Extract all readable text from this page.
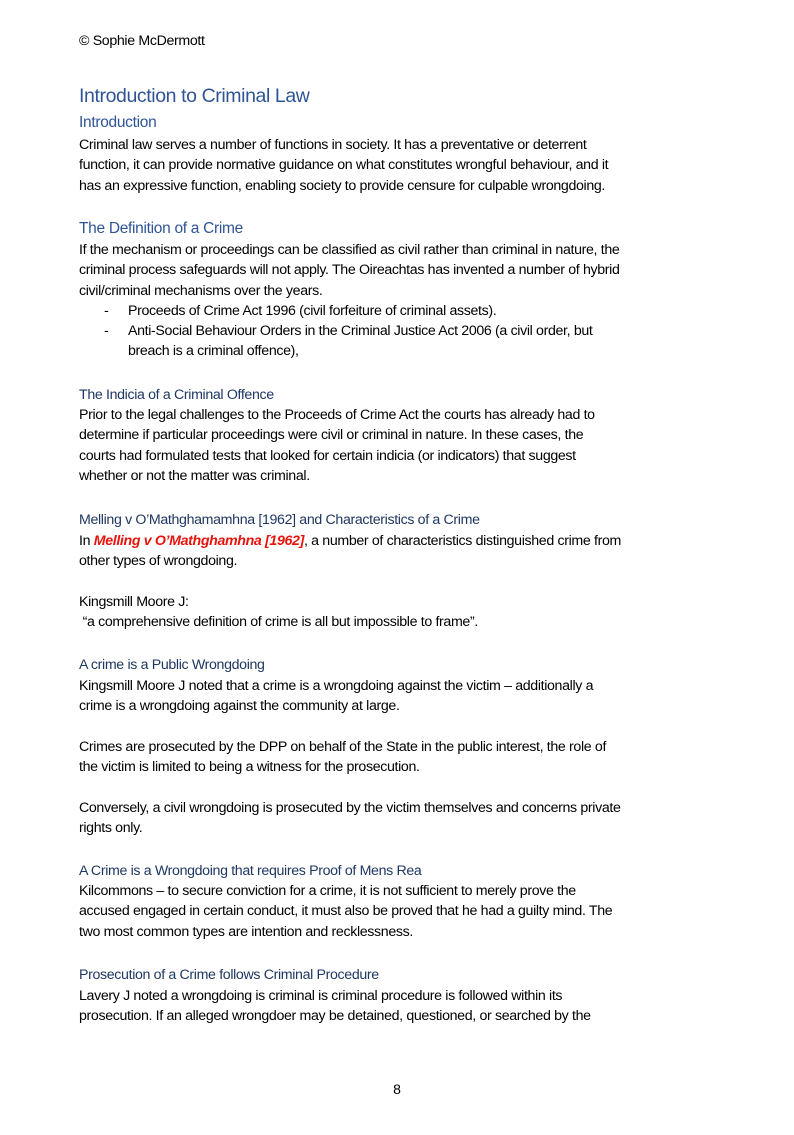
© Sophie McDermott
Introduction to Criminal Law
Introduction
Criminal law serves a number of functions in society. It has a preventative or deterrent
function, it can provide normative guidance on what constitutes wrongful behaviour, and it
has an expressive function, enabling society to provide censure for culpable wrongdoing.
The Definition of a Crime
If the mechanism or proceedings can be classified as civil rather than criminal in nature, the
criminal process safeguards will not apply. The Oireachtas has invented a number of hybrid
civil/criminal mechanisms over the years.
- Proceeds of Crime Act 1996 (civil forfeiture of criminal assets).
- Anti-Social Behaviour Orders in the Criminal Justice Act 2006 (a civil order, but
breach is a criminal offence),
The Indicia of a Criminal Offence
Prior to the legal challenges to the Proceeds of Crime Act the courts has already had to
determine if particular proceedings were civil or criminal in nature. In these cases, the
courts had formulated tests that looked for certain indicia (or indicators) that suggest
whether or not the matter was criminal.
Melling v O’Mathghamamhna [1962] and Characteristics of a Crime
In Melling v O’Mathghamhna [1962], a number of characteristics distinguished crime from
other types of wrongdoing.
Kingsmill Moore J:
“a comprehensive definition of crime is all but impossible to frame”.
A crime is a Public Wrongdoing
Kingsmill Moore J noted that a crime is a wrongdoing against the victim – additionally a
crime is a wrongdoing against the community at large.
Crimes are prosecuted by the DPP on behalf of the State in the public interest, the role of
the victim is limited to being a witness for the prosecution.
Conversely, a civil wrongdoing is prosecuted by the victim themselves and concerns private
rights only.
A Crime is a Wrongdoing that requires Proof of Mens Rea
Kilcommons – to secure conviction for a crime, it is not sufficient to merely prove the
accused engaged in certain conduct, it must also be proved that he had a guilty mind. The
two most common types are intention and recklessness.
Prosecution of a Crime follows Criminal Procedure
Lavery J noted a wrongdoing is criminal is criminal procedure is followed within its
prosecution. If an alleged wrongdoer may be detained, questioned, or searched by the
8
